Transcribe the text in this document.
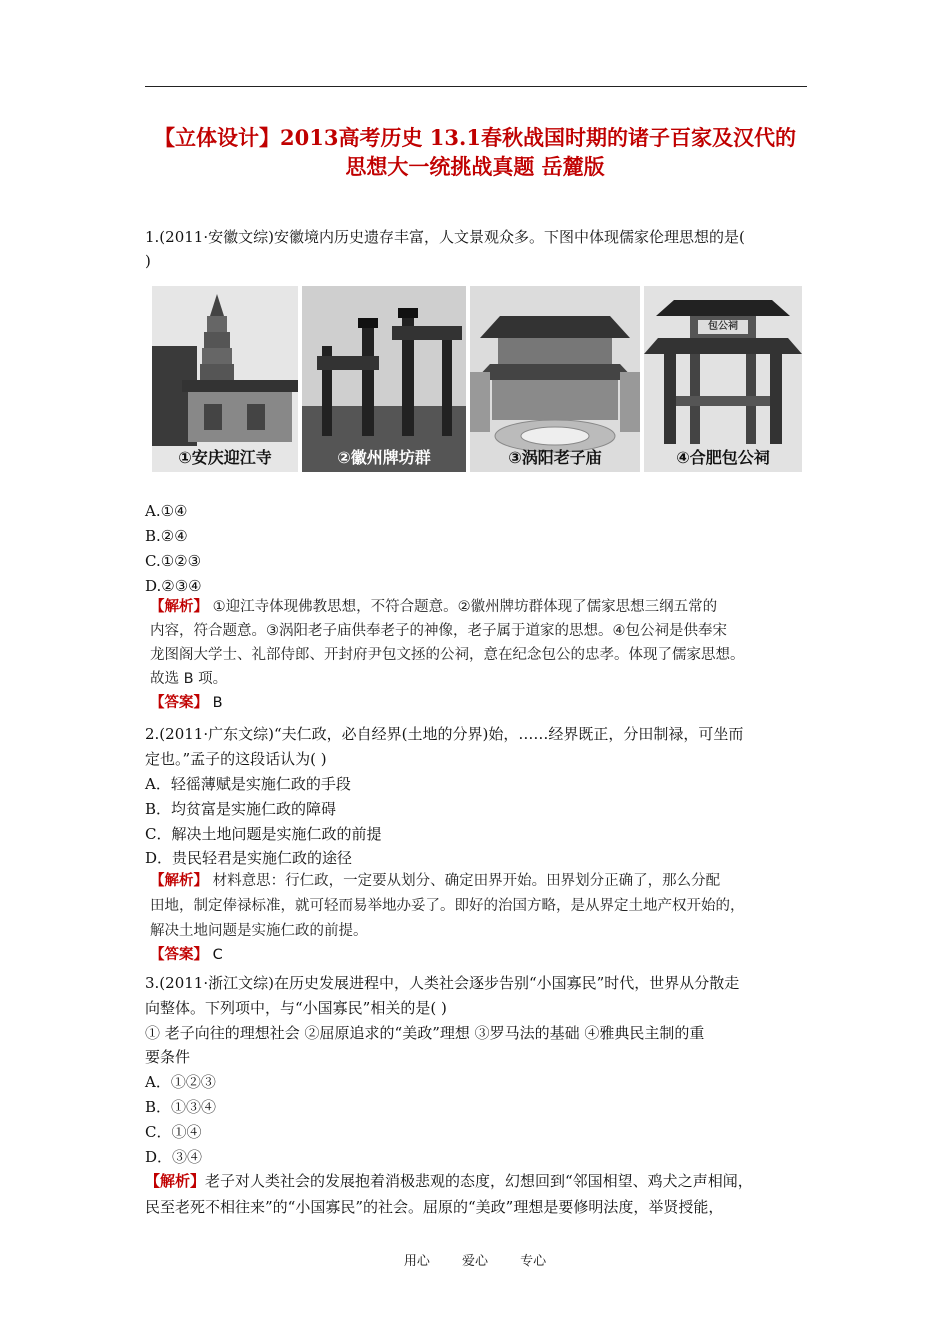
【立体设计】2013高考历史 13.1春秋战国时期的诸子百家及汉代的
思想大一统挑战真题 岳麓版
1.(2011·安徽文综)安徽境内历史遗存丰富，人文景观众多。下图中体现儒家伦理思想的是(
)
①安庆迎江寺	②徽州牌坊群	③涡阳老子庙
包公祠
④合肥包公祠
A.①④
B.②④
C.①②③
D.②③④
【解析】 ①迎江寺体现佛教思想，不符合题意。②徽州牌坊群体现了儒家思想三纲五常的
内容，符合题意。③涡阳老子庙供奉老子的神像，老子属于道家的思想。④包公祠是供奉宋
龙图阁大学士、礼部侍郎、开封府尹包文拯的公祠，意在纪念包公的忠孝。体现了儒家思想。
故选 B 项。
【答案】 B
2.(2011·广东文综)“夫仁政，必自经界(土地的分界)始，……经界既正，分田制禄，可坐而
定也。”孟子的这段话认为( )
A．轻徭薄赋是实施仁政的手段
B．均贫富是实施仁政的障碍
C．解决土地问题是实施仁政的前提
D．贵民轻君是实施仁政的途径
【解析】 材料意思：行仁政，一定要从划分、确定田界开始。田界划分正确了，那么分配
田地，制定俸禄标准，就可轻而易举地办妥了。即好的治国方略，是从界定土地产权开始的，
解决土地问题是实施仁政的前提。
【答案】 C
3.(2011·浙江文综)在历史发展进程中，人类社会逐步告别“小国寡民”时代，世界从分散走
向整体。下列项中，与“小国寡民”相关的是( )
① 老子向往的理想社会 ②屈原追求的“美政”理想 ③罗马法的基础 ④雅典民主制的重
要条件
A．①②③
B．①③④
C．①④
D．③④
【解析】老子对人类社会的发展抱着消极悲观的态度，幻想回到“邻国相望、鸡犬之声相闻，
民至老死不相往来”的“小国寡民”的社会。屈原的“美政”理想是要修明法度，举贤授能，
用心 爱心 专心
